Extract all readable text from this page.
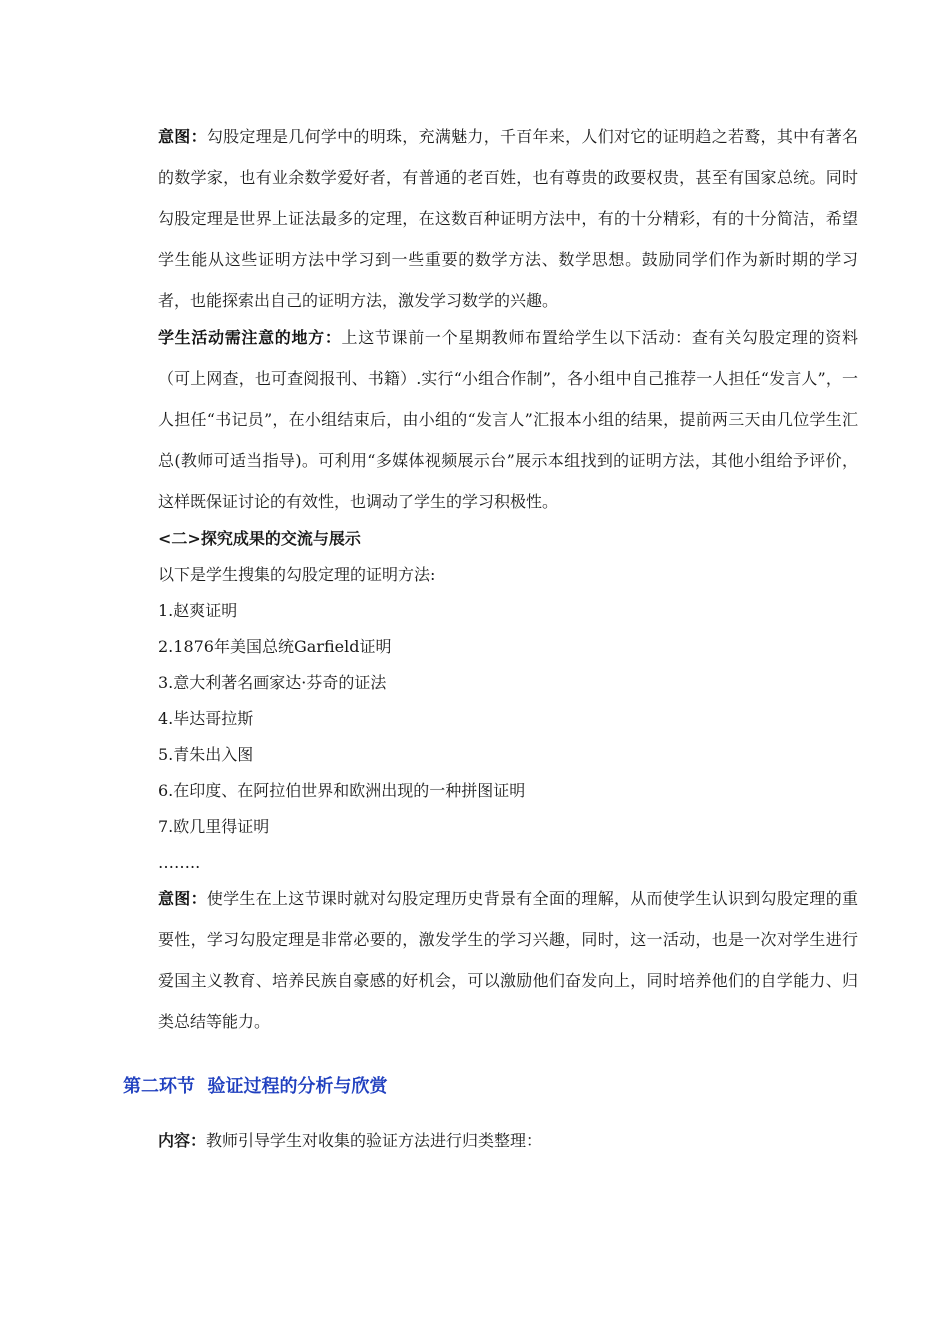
意图：勾股定理是几何学中的明珠，充满魅力，千百年来，人们对它的证明趋之若鹜，其中有著名的数学家，也有业余数学爱好者，有普通的老百姓，也有尊贵的政要权贵，甚至有国家总统。同时勾股定理是世界上证法最多的定理，在这数百种证明方法中，有的十分精彩，有的十分简洁，希望学生能从这些证明方法中学习到一些重要的数学方法、数学思想。鼓励同学们作为新时期的学习者，也能探索出自己的证明方法，激发学习数学的兴趣。

学生活动需注意的地方：上这节课前一个星期教师布置给学生以下活动：查有关勾股定理的资料（可上网查，也可查阅报刊、书籍）.实行“小组合作制”，各小组中自己推荐一人担任“发言人”，一人担任“书记员”，在小组结束后，由小组的“发言人”汇报本小组的结果，提前两三天由几位学生汇总(教师可适当指导)。可利用“多媒体视频展示台”展示本组找到的证明方法，其他小组给予评价，这样既保证讨论的有效性，也调动了学生的学习积极性。

<二>探究成果的交流与展示

以下是学生搜集的勾股定理的证明方法:

1.赵爽证明

2.1876年美国总统Garfield证明

3.意大利著名画家达·芬奇的证法

4.毕达哥拉斯

5.青朱出入图

6.在印度、在阿拉伯世界和欧洲出现的一种拼图证明

7.欧几里得证明

……..

意图：使学生在上这节课时就对勾股定理历史背景有全面的理解，从而使学生认识到勾股定理的重要性，学习勾股定理是非常必要的，激发学生的学习兴趣，同时，这一活动，也是一次对学生进行爱国主义教育、培养民族自豪感的好机会，可以激励他们奋发向上，同时培养他们的自学能力、归类总结等能力。

第二环节  验证过程的分析与欣赏

内容：教师引导学生对收集的验证方法进行归类整理：
